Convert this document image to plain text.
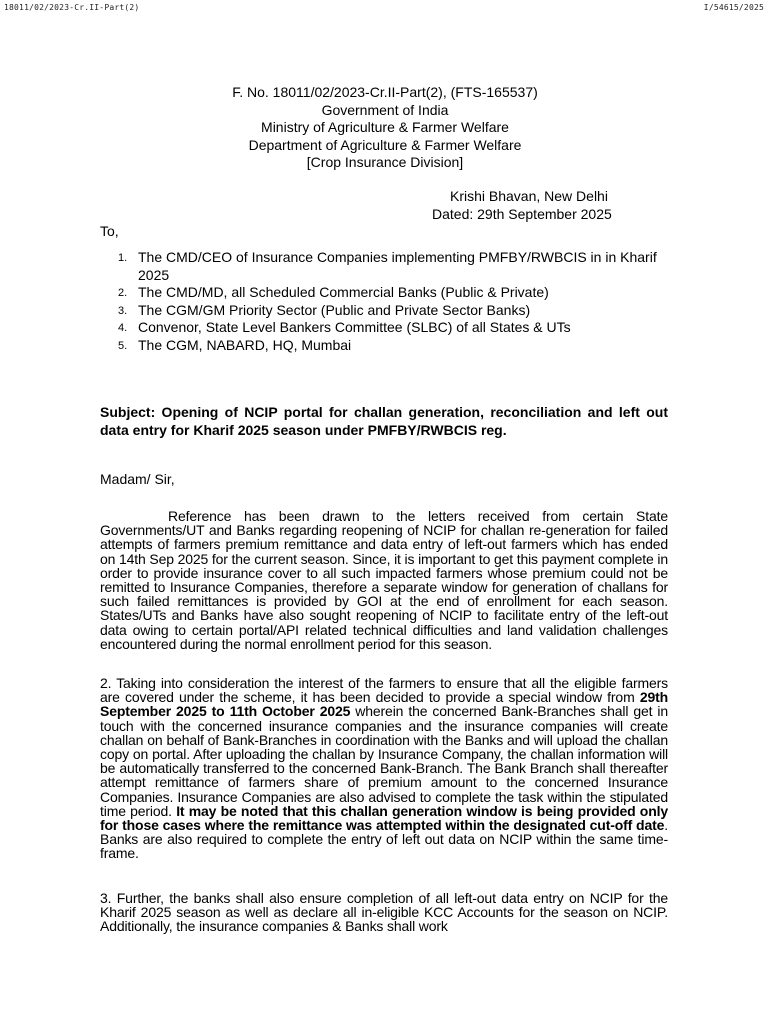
18011/02/2023-Cr.II-Part(2)	I/54615/2025
F. No. 18011/02/2023-Cr.II-Part(2), (FTS-165537)
Government of India
Ministry of Agriculture & Farmer Welfare
Department of Agriculture & Farmer Welfare
[Crop Insurance Division]
Krishi Bhavan, New Delhi
Dated: 29th September 2025
To,
1. The CMD/CEO of Insurance Companies implementing PMFBY/RWBCIS in in Kharif 2025
2. The CMD/MD, all Scheduled Commercial Banks (Public & Private)
3. The CGM/GM Priority Sector (Public and Private Sector Banks)
4. Convenor, State Level Bankers Committee (SLBC) of all States & UTs
5. The CGM, NABARD, HQ, Mumbai
Subject: Opening of NCIP portal for challan generation, reconciliation and left out data entry for Kharif 2025 season under PMFBY/RWBCIS reg.
Madam/ Sir,
Reference has been drawn to the letters received from certain State Governments/UT and Banks regarding reopening of NCIP for challan re-generation for failed attempts of farmers premium remittance and data entry of left-out farmers which has ended on 14th Sep 2025 for the current season. Since, it is important to get this payment complete in order to provide insurance cover to all such impacted farmers whose premium could not be remitted to Insurance Companies, therefore a separate window for generation of challans for such failed remittances is provided by GOI at the end of enrollment for each season. States/UTs and Banks have also sought reopening of NCIP to facilitate entry of the left-out data owing to certain portal/API related technical difficulties and land validation challenges encountered during the normal enrollment period for this season.
2. Taking into consideration the interest of the farmers to ensure that all the eligible farmers are covered under the scheme, it has been decided to provide a special window from 29th September 2025 to 11th October 2025 wherein the concerned Bank-Branches shall get in touch with the concerned insurance companies and the insurance companies will create challan on behalf of Bank-Branches in coordination with the Banks and will upload the challan copy on portal. After uploading the challan by Insurance Company, the challan information will be automatically transferred to the concerned Bank-Branch. The Bank Branch shall thereafter attempt remittance of farmers share of premium amount to the concerned Insurance Companies. Insurance Companies are also advised to complete the task within the stipulated time period. It may be noted that this challan generation window is being provided only for those cases where the remittance was attempted within the designated cut-off date. Banks are also required to complete the entry of left out data on NCIP within the same time-frame.
3. Further, the banks shall also ensure completion of all left-out data entry on NCIP for the Kharif 2025 season as well as declare all in-eligible KCC Accounts for the season on NCIP. Additionally, the insurance companies & Banks shall work
